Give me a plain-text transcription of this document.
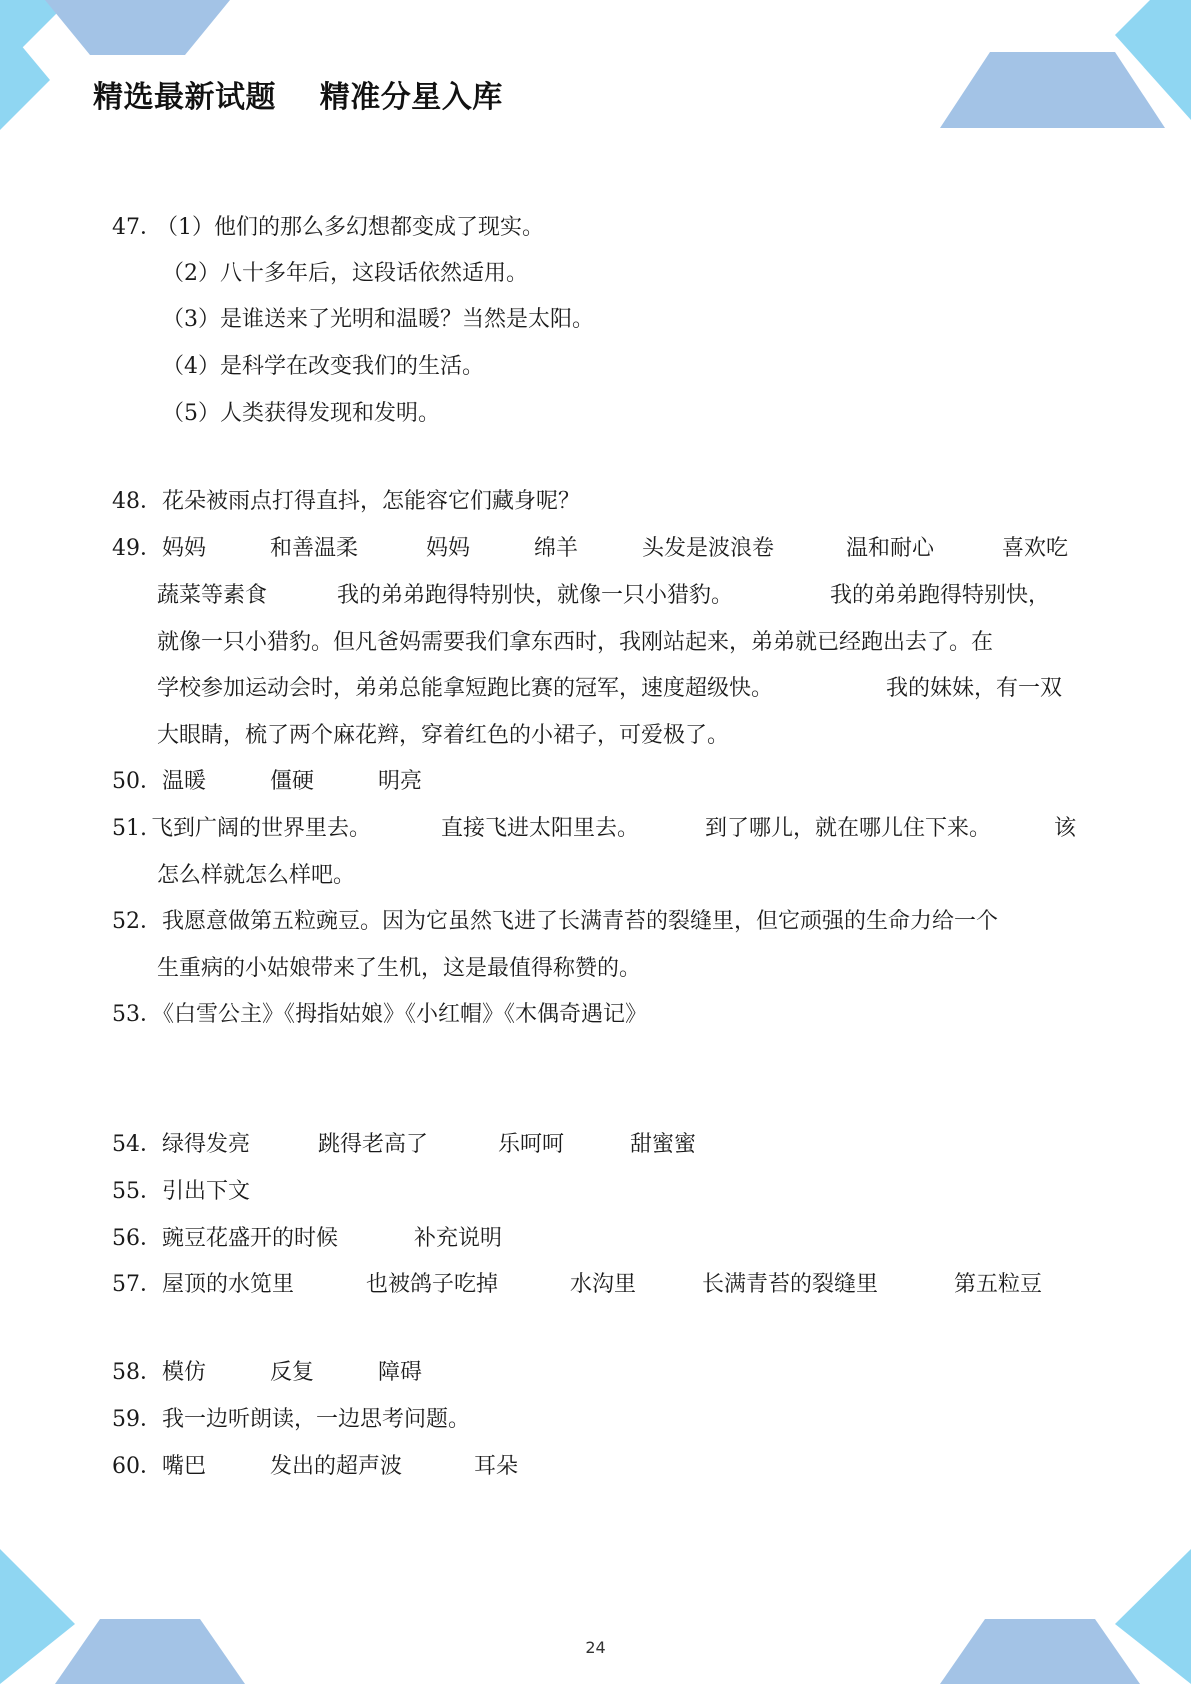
精选最新试题    精准分星入库
47．
（1）他们的那么多幻想都变成了现实。
（2）八十多年后，这段话依然适用。
（3）是谁送来了光明和温暖？当然是太阳。
（4）是科学在改变我们的生活。
（5）人类获得发现和发明。
48． 花朵被雨点打得直抖，怎能容它们藏身呢？
49． 妈妈	和善温柔	妈妈	绵羊	头发是波浪卷	温和耐心	喜欢吃
蔬菜等素食	我的弟弟跑得特别快，就像一只小猎豹。	我的弟弟跑得特别快，
就像一只小猎豹。但凡爸妈需要我们拿东西时，我刚站起来，弟弟就已经跑出去了。在
学校参加运动会时，弟弟总能拿短跑比赛的冠军，速度超级快。	我的妹妹，有一双
大眼睛，梳了两个麻花辫，穿着红色的小裙子，可爱极了。
50． 温暖	僵硬	明亮
51. 飞到广阔的世界里去。	直接飞进太阳里去。	到了哪儿，就在哪儿住下来。	该
怎么样就怎么样吧。
52． 我愿意做第五粒豌豆。因为它虽然飞进了长满青苔的裂缝里，但它顽强的生命力给一个
生重病的小姑娘带来了生机，这是最值得称赞的。
53．
《白雪公主》《拇指姑娘》《小红帽》《木偶奇遇记》
54． 绿得发亮	跳得老高了	乐呵呵	甜蜜蜜
55． 引出下文
56． 豌豆花盛开的时候	补充说明
57． 屋顶的水笕里	也被鸽子吃掉	水沟里	长满青苔的裂缝里	第五粒豆
58． 模仿	反复	障碍
59． 我一边听朗读，一边思考问题。
60． 嘴巴	发出的超声波	耳朵
24
